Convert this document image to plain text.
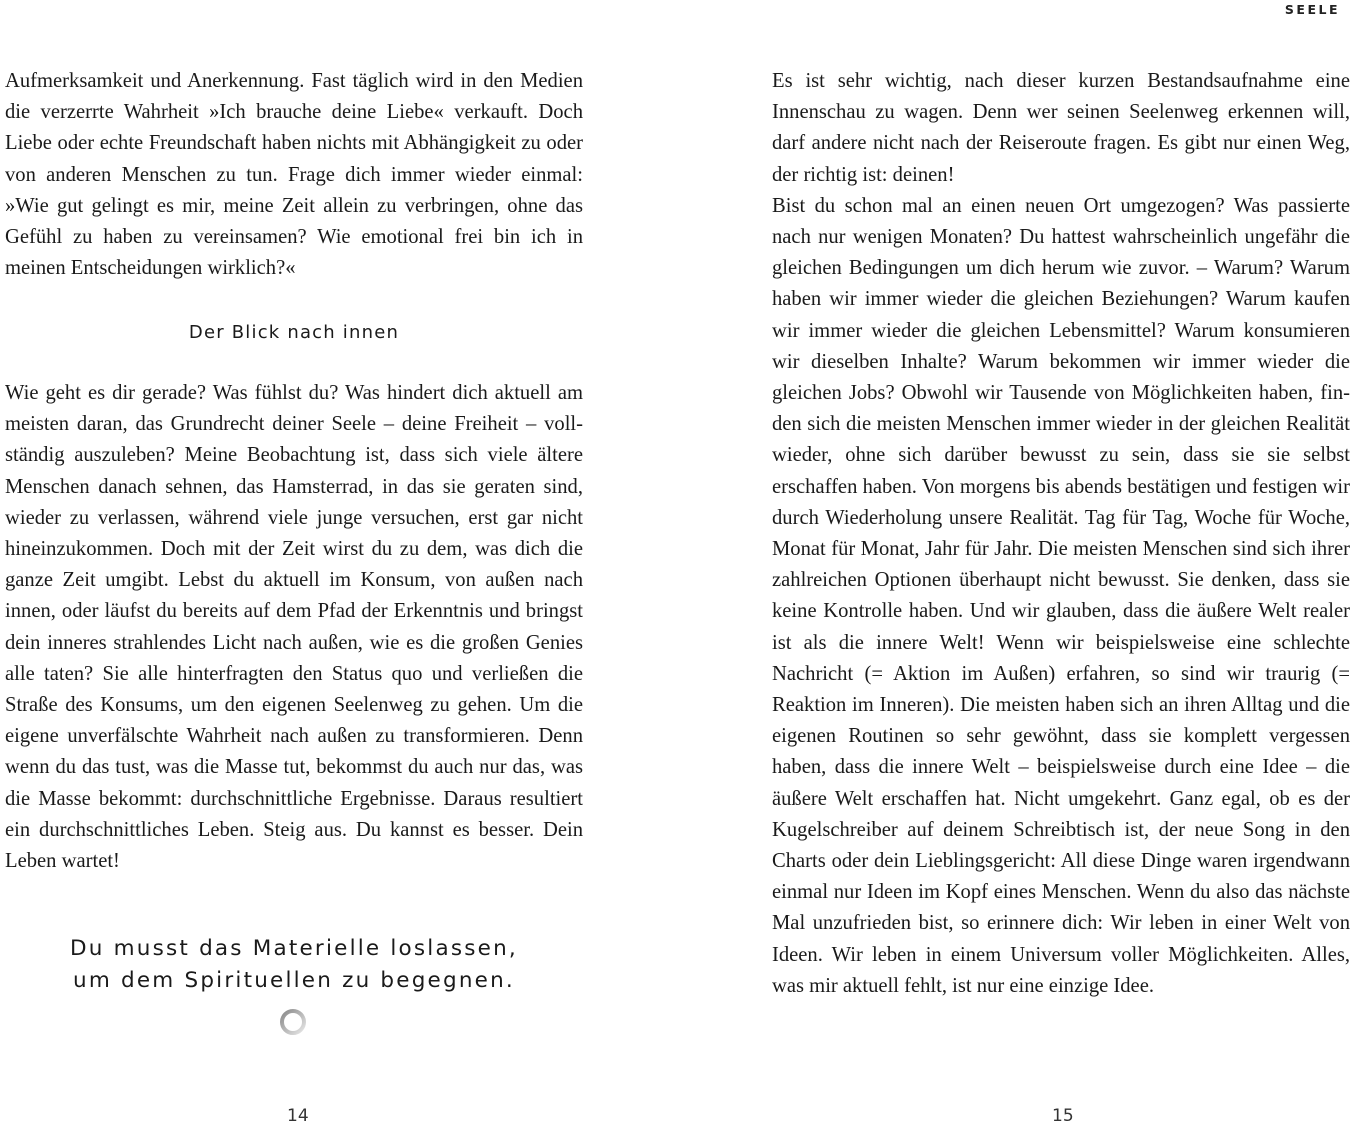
Aufmerksamkeit und Anerkennung. Fast täglich wird in den Medien die verzerrte Wahrheit »Ich brauche deine Liebe« verkauft. Doch Liebe oder echte Freundschaft haben nichts mit Abhängigkeit zu oder von anderen Menschen zu tun. Frage dich immer wieder einmal: »Wie gut gelingt es mir, meine Zeit allein zu verbringen, ohne das Gefühl zu haben zu vereinsamen? Wie emotional frei bin ich in meinen Entscheidungen wirklich?«

Der Blick nach innen

Wie geht es dir gerade? Was fühlst du? Was hindert dich aktuell am meisten daran, das Grundrecht deiner Seele – deine Freiheit – vollständig auszuleben? Meine Beobachtung ist, dass sich viele ältere Menschen danach sehnen, das Hamsterrad, in das sie geraten sind, wieder zu verlassen, während viele junge versuchen, erst gar nicht hineinzukommen. Doch mit der Zeit wirst du zu dem, was dich die ganze Zeit umgibt. Lebst du aktuell im Konsum, von außen nach innen, oder läufst du bereits auf dem Pfad der Erkenntnis und bringst dein inneres strahlendes Licht nach außen, wie es die großen Genies alle taten? Sie alle hinterfragten den Status quo und verließen die Straße des Konsums, um den eigenen Seelenweg zu gehen. Um die eigene unverfälschte Wahrheit nach außen zu transformieren. Denn wenn du das tust, was die Masse tut, bekommst du auch nur das, was die Masse bekommt: durchschnittliche Ergebnisse. Daraus resultiert ein durchschnittliches Leben. Steig aus. Du kannst es besser. Dein Leben wartet!

Du musst das Materielle loslassen,
um dem Spirituellen zu begegnen.
14
SEELE

Es ist sehr wichtig, nach dieser kurzen Bestandsaufnahme eine Innenschau zu wagen. Denn wer seinen Seelenweg erkennen will, darf andere nicht nach der Reiseroute fragen. Es gibt nur einen Weg, der richtig ist: deinen!

Bist du schon mal an einen neuen Ort umgezogen? Was passierte nach nur wenigen Monaten? Du hattest wahrscheinlich ungefähr die gleichen Bedingungen um dich herum wie zuvor. – Warum? Warum haben wir immer wieder die gleichen Beziehungen? Warum kaufen wir immer wieder die gleichen Lebensmittel? Warum konsumieren wir dieselben Inhalte? Warum bekommen wir immer wieder die gleichen Jobs? Obwohl wir Tausende von Möglichkeiten haben, finden sich die meisten Menschen immer wieder in der gleichen Realität wieder, ohne sich darüber bewusst zu sein, dass sie sie selbst erschaffen haben. Von morgens bis abends bestätigen und festigen wir durch Wiederholung unsere Realität. Tag für Tag, Woche für Woche, Monat für Monat, Jahr für Jahr. Die meisten Menschen sind sich ihrer zahlreichen Optionen überhaupt nicht bewusst. Sie denken, dass sie keine Kontrolle haben. Und wir glauben, dass die äußere Welt realer ist als die innere Welt! Wenn wir beispielsweise eine schlechte Nachricht (= Aktion im Außen) erfahren, so sind wir traurig (= Reaktion im Inneren). Die meisten haben sich an ihren Alltag und die eigenen Routinen so sehr gewöhnt, dass sie komplett vergessen haben, dass die innere Welt – beispielsweise durch eine Idee – die äußere Welt erschaffen hat. Nicht umgekehrt. Ganz egal, ob es der Kugelschreiber auf deinem Schreibtisch ist, der neue Song in den Charts oder dein Lieblingsgericht: All diese Dinge waren irgendwann einmal nur Ideen im Kopf eines Menschen. Wenn du also das nächste Mal unzufrieden bist, so erinnere dich: Wir leben in einer Welt von Ideen. Wir leben in einem Universum voller Möglichkeiten. Alles, was mir aktuell fehlt, ist nur eine einzige Idee.

15
